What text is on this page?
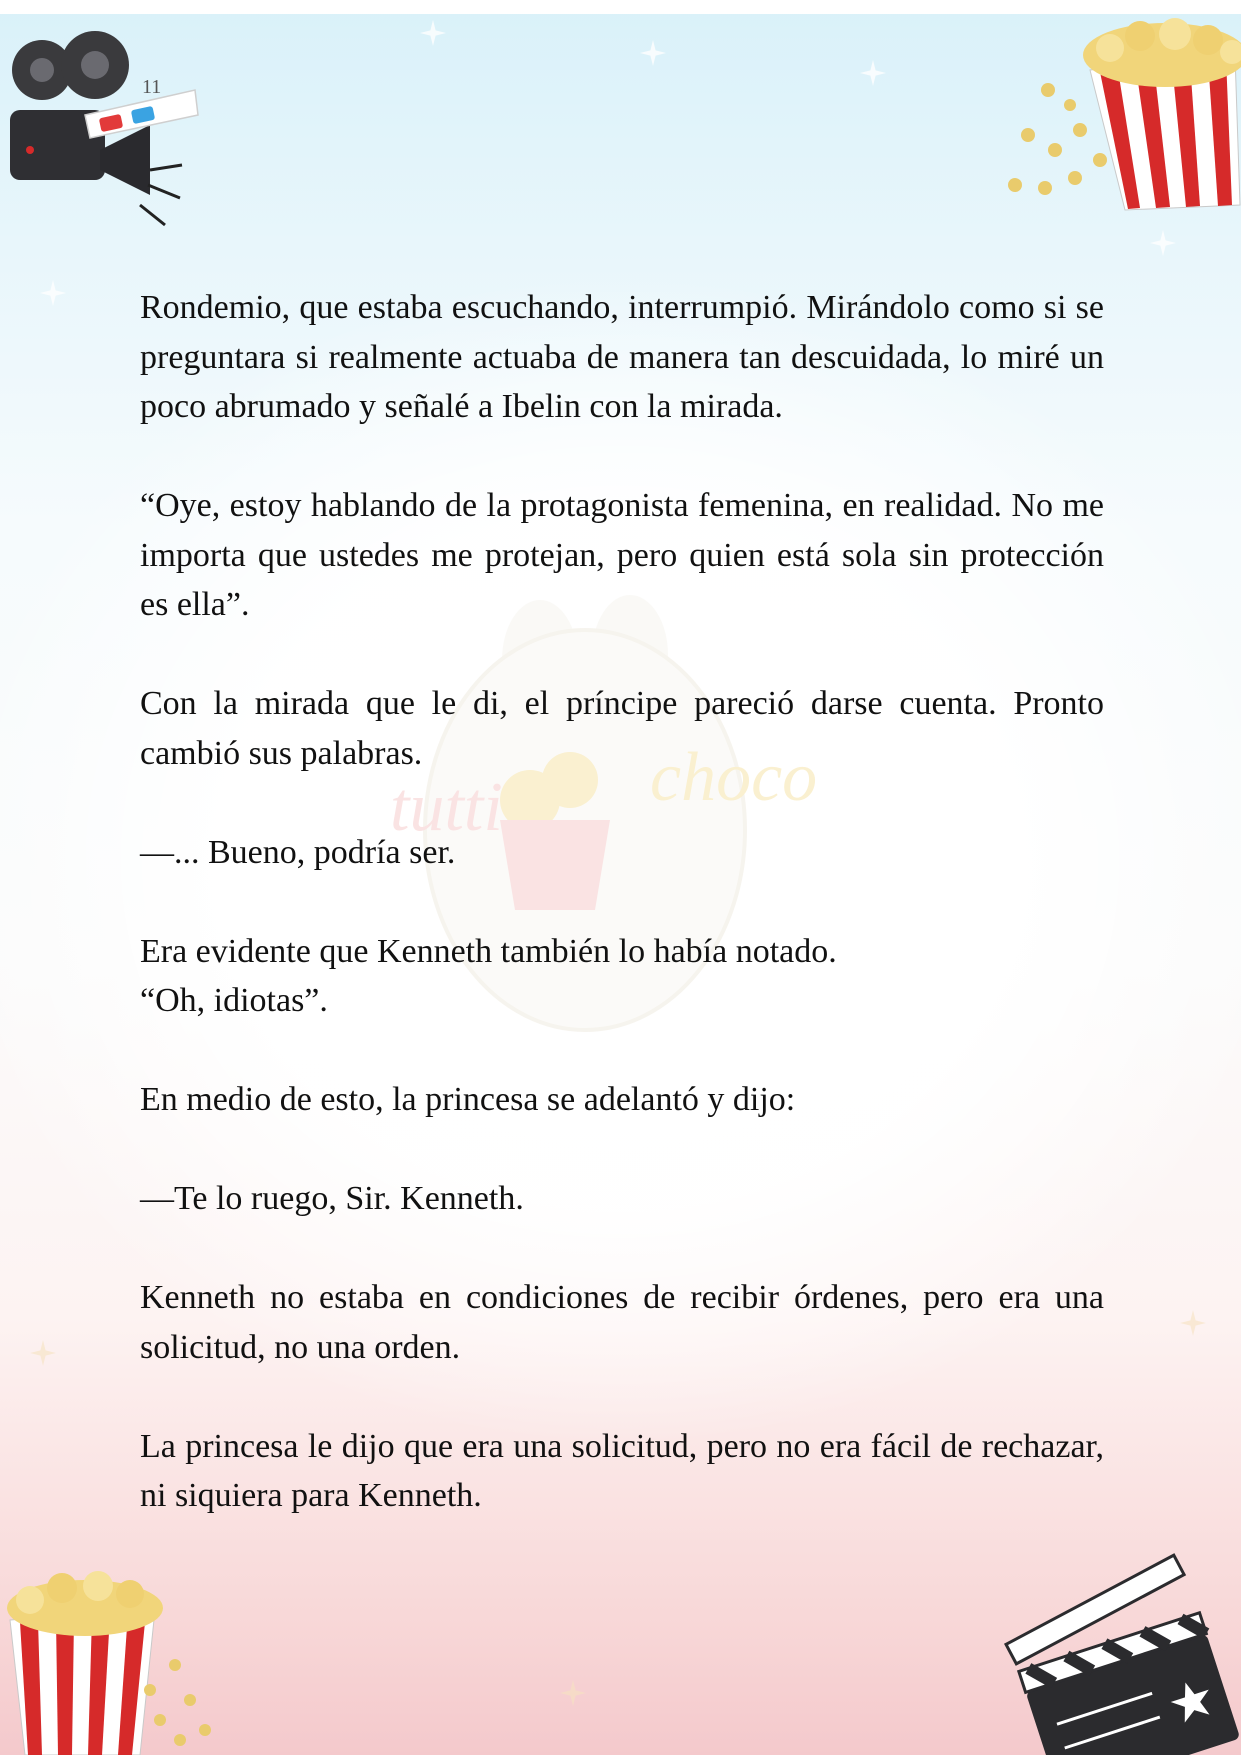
11
tutti choco

Rondemio, que estaba escuchando, interrumpió. Mirándolo como si se preguntara si realmente actuaba de manera tan descuidada, lo miré un poco abrumado y señalé a Ibelin con la mirada.

“Oye, estoy hablando de la protagonista femenina, en realidad. No me importa que ustedes me protejan, pero quien está sola sin protección es ella”.

Con la mirada que le di, el príncipe pareció darse cuenta. Pronto cambió sus palabras.

—... Bueno, podría ser.

Era evidente que Kenneth también lo había notado.

“Oh, idiotas”.

En medio de esto, la princesa se adelantó y dijo:

—Te lo ruego, Sir. Kenneth.

Kenneth no estaba en condiciones de recibir órdenes, pero era una solicitud, no una orden.

La princesa le dijo que era una solicitud, pero no era fácil de rechazar, ni siquiera para Kenneth.
